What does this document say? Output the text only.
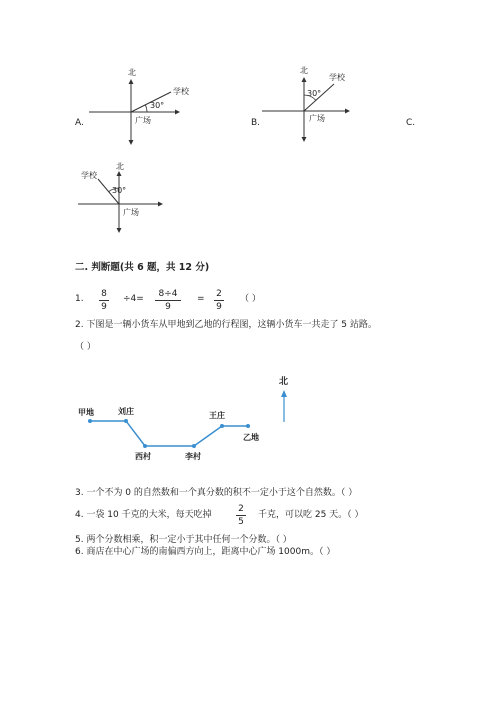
北
学校
30°
广场
A.
北
学校
30°
广场
B.	C.
北
学校
30°
广场
二. 判断题(共 6 题，共 12 分)
1. 8
9
÷4=	8÷4
9
= 2
9
（ ）
2. 下图是一辆小货车从甲地到乙地的行程图，这辆小货车一共走了 5 站路。
（ ）
北
甲地	刘庄
西村	李村
王庄
乙地
3. 一个不为 0 的自然数和一个真分数的积不一定小于这个自然数。（ ）
4. 一袋 10 千克的大米，每天吃掉
2
5
千克，可以吃 25 天。（ ）
5. 两个分数相乘，积一定小于其中任何一个分数。（ ）
6. 商店在中心广场的南偏西方向上，距离中心广场 1000m。（ ）
